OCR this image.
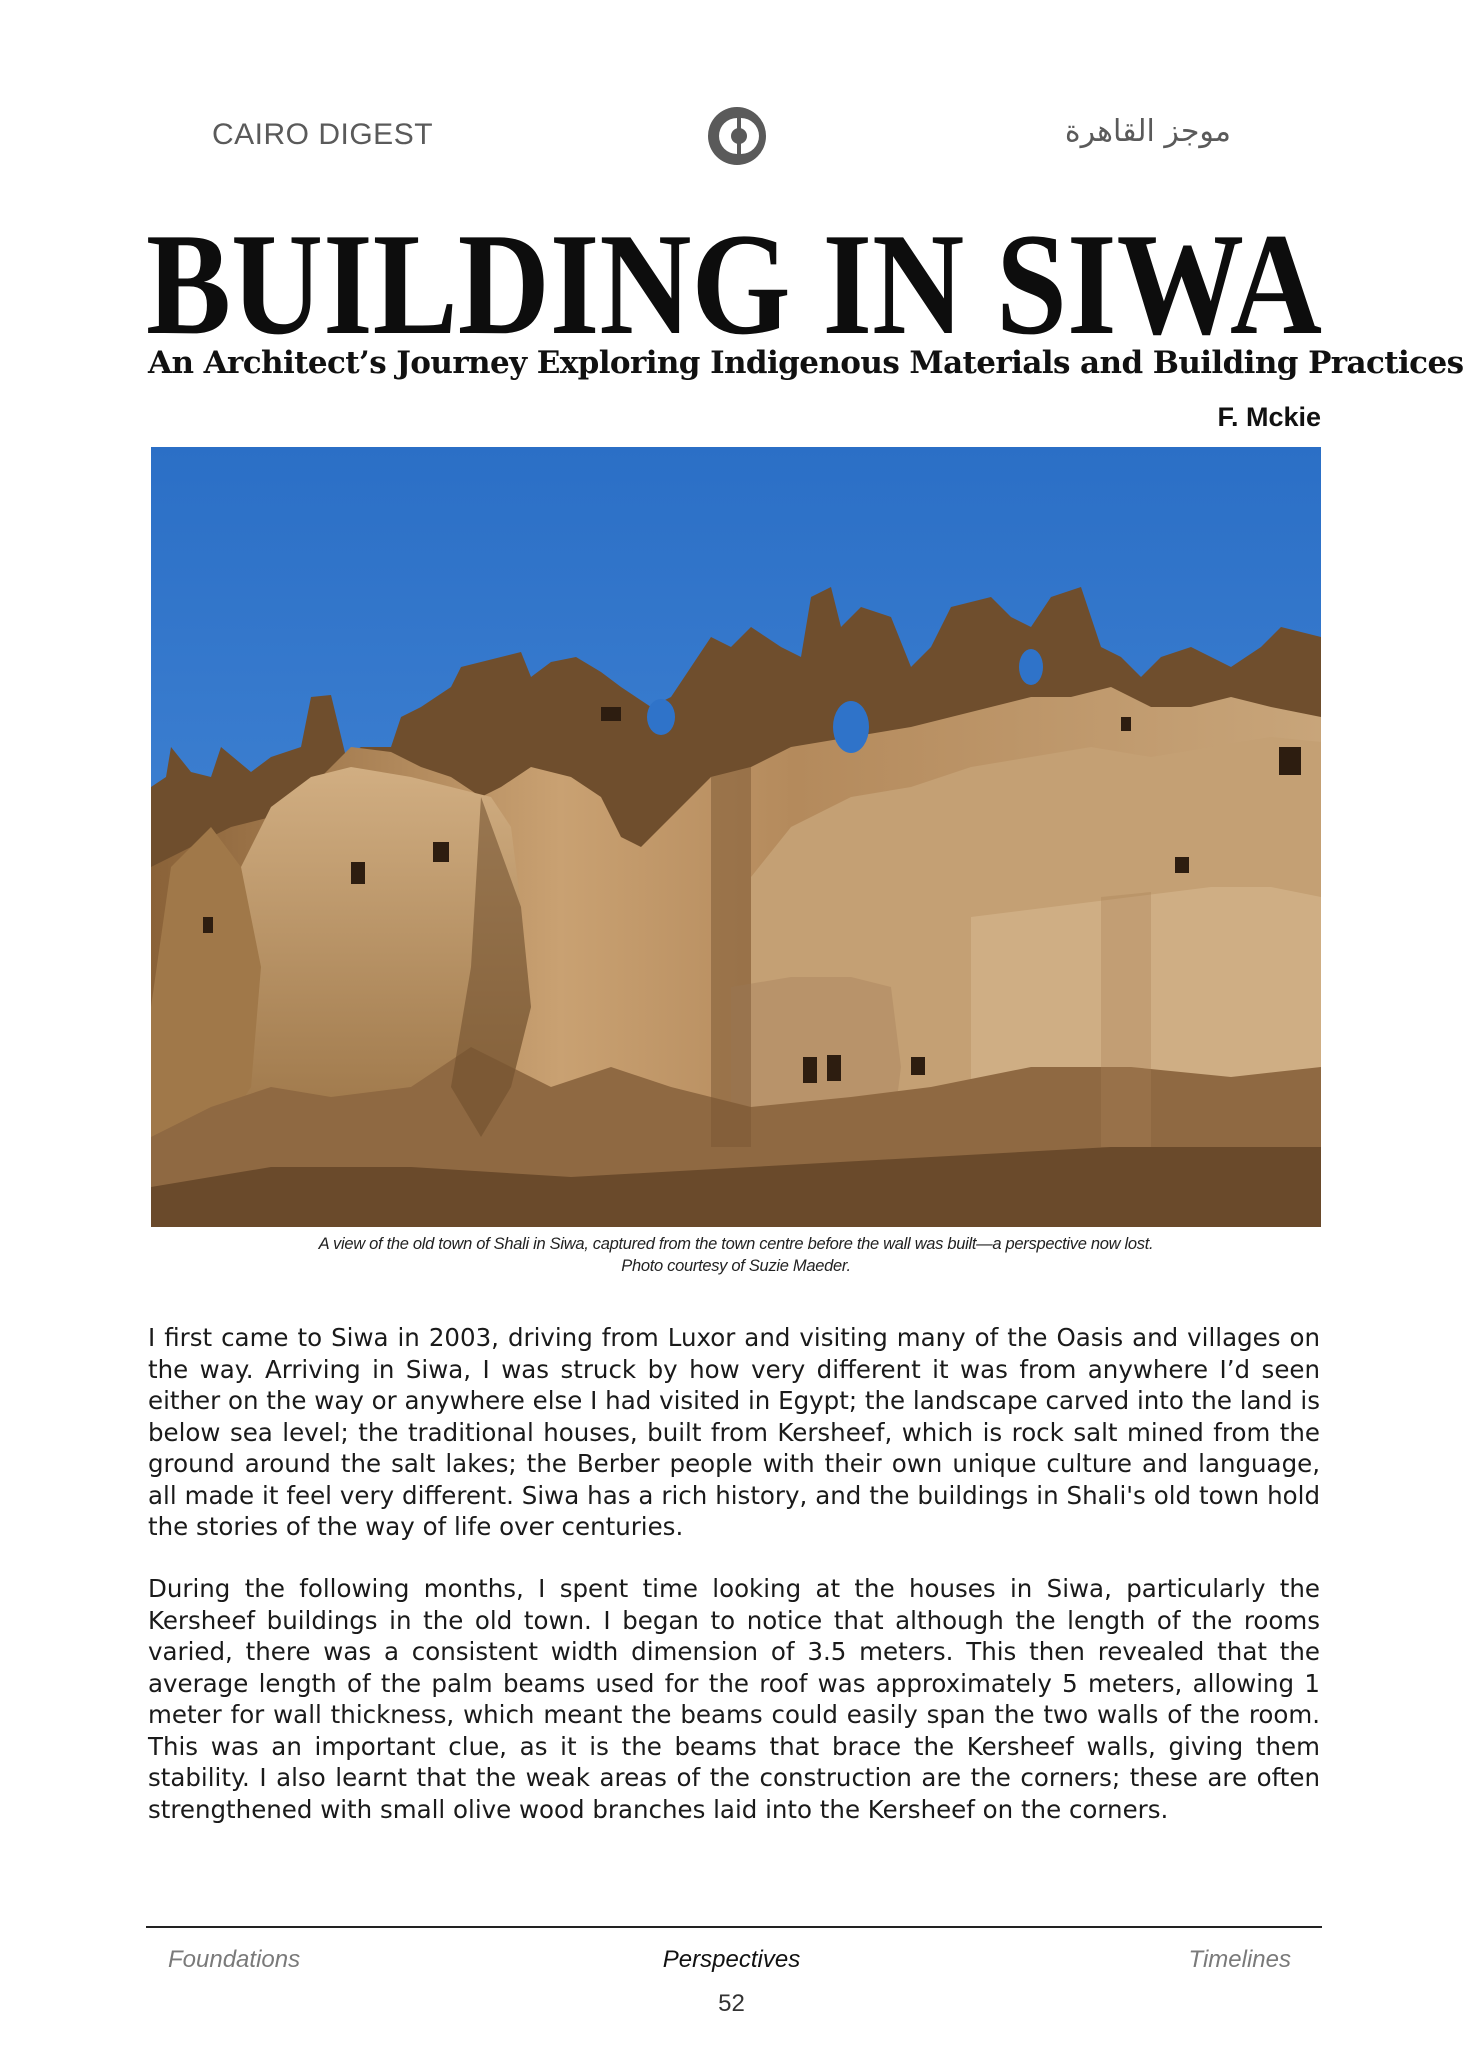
CAIRO DIGEST	موجز القاهرة
BUILDING IN SIWA
An Architect’s Journey Exploring Indigenous Materials and Building Practices
F. Mckie
A view of the old town of Shali in Siwa, captured from the town centre before the wall was built—a perspective now lost.
Photo courtesy of Suzie Maeder.

I first came to Siwa in 2003, driving from Luxor and visiting many of the Oasis and villages on the way. Arriving in Siwa, I was struck by how very different it was from anywhere I’d seen either on the way or anywhere else I had visited in Egypt; the landscape carved into the land is below sea level; the traditional houses, built from Kersheef, which is rock salt mined from the ground around the salt lakes; the Berber people with their own unique culture and language, all made it feel very different. Siwa has a rich history, and the buildings in Shali's old town hold the stories of the way of life over centuries.

During the following months, I spent time looking at the houses in Siwa, particularly the Kersheef buildings in the old town. I began to notice that although the length of the rooms varied, there was a consistent width dimension of 3.5 meters. This then revealed that the average length of the palm beams used for the roof was approximately 5 meters, allowing 1 meter for wall thickness, which meant the beams could easily span the two walls of the room. This was an important clue, as it is the beams that brace the Kersheef walls, giving them stability. I also learnt that the weak areas of the construction are the corners; these are often strengthened with small olive wood branches laid into the Kersheef on the corners.

Foundations	Perspectives	Timelines
52
